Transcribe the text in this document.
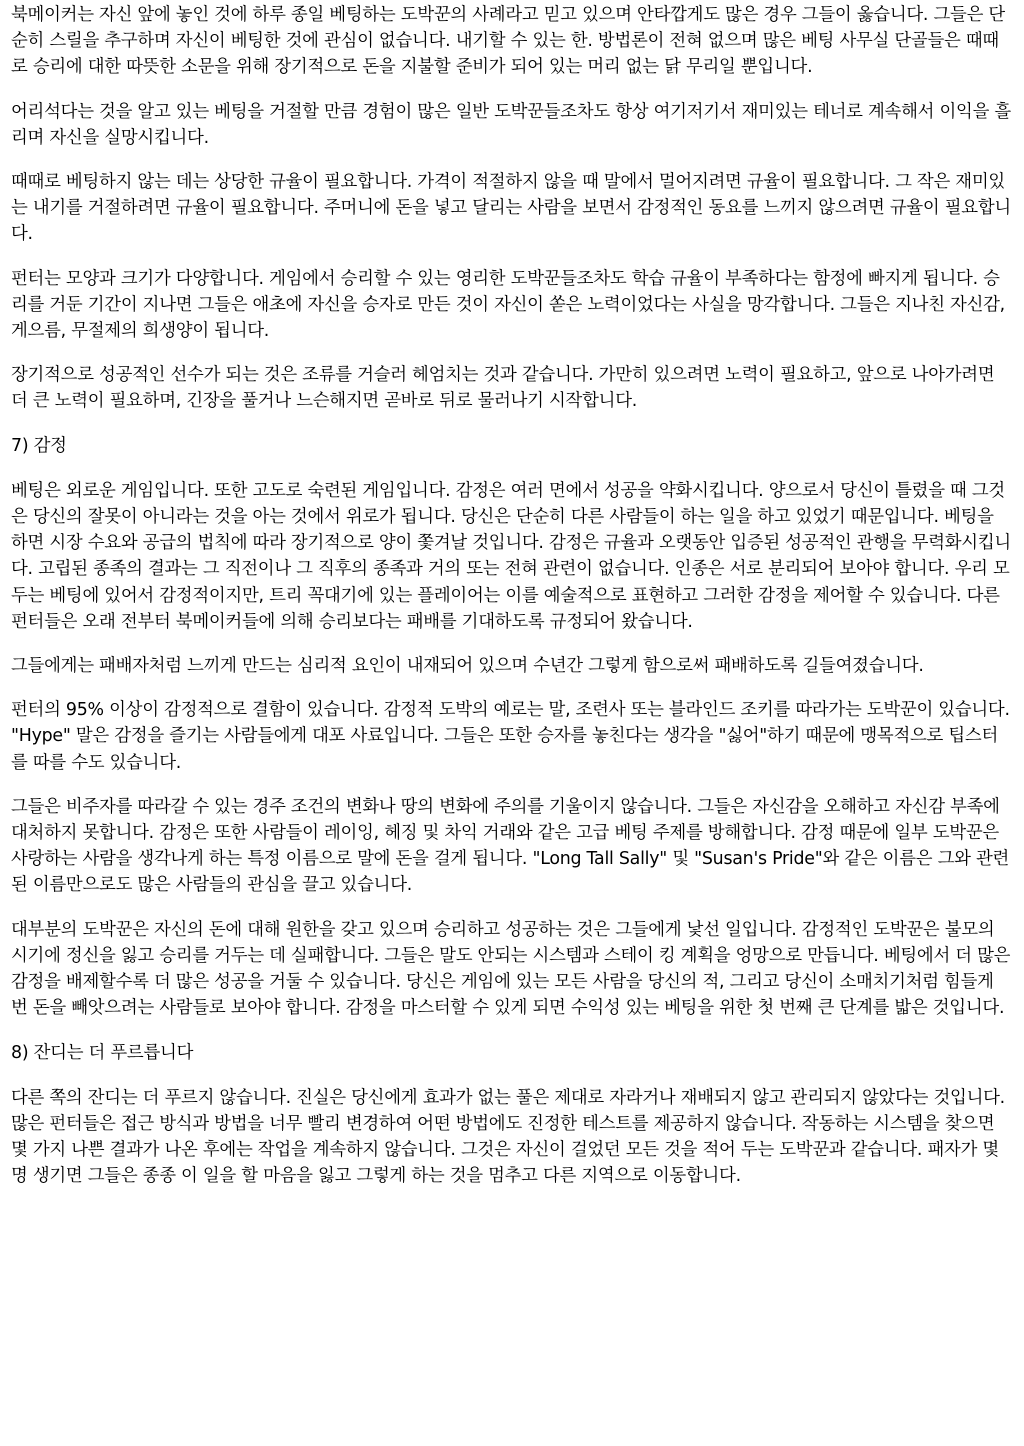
북메이커는 자신 앞에 놓인 것에 하루 종일 베팅하는 도박꾼의 사례라고 믿고 있으며 안타깝게도 많은 경우 그들이 옳습니다. 그들은 단순히 스릴을 추구하며 자신이 베팅한 것에 관심이 없습니다. 내기할 수 있는 한. 방법론이 전혀 없으며 많은 베팅 사무실 단골들은 때때로 승리에 대한 따뜻한 소문을 위해 장기적으로 돈을 지불할 준비가 되어 있는 머리 없는 닭 무리일 뿐입니다.

어리석다는 것을 알고 있는 베팅을 거절할 만큼 경험이 많은 일반 도박꾼들조차도 항상 여기저기서 재미있는 테너로 계속해서 이익을 흘리며 자신을 실망시킵니다.

때때로 베팅하지 않는 데는 상당한 규율이 필요합니다. 가격이 적절하지 않을 때 말에서 멀어지려면 규율이 필요합니다. 그 작은 재미있는 내기를 거절하려면 규율이 필요합니다. 주머니에 돈을 넣고 달리는 사람을 보면서 감정적인 동요를 느끼지 않으려면 규율이 필요합니다.

펀터는 모양과 크기가 다양합니다. 게임에서 승리할 수 있는 영리한 도박꾼들조차도 학습 규율이 부족하다는 함정에 빠지게 됩니다. 승리를 거둔 기간이 지나면 그들은 애초에 자신을 승자로 만든 것이 자신이 쏟은 노력이었다는 사실을 망각합니다. 그들은 지나친 자신감, 게으름, 무절제의 희생양이 됩니다.

장기적으로 성공적인 선수가 되는 것은 조류를 거슬러 헤엄치는 것과 같습니다. 가만히 있으려면 노력이 필요하고, 앞으로 나아가려면 더 큰 노력이 필요하며, 긴장을 풀거나 느슨해지면 곧바로 뒤로 물러나기 시작합니다.

7) 감정

베팅은 외로운 게임입니다. 또한 고도로 숙련된 게임입니다. 감정은 여러 면에서 성공을 약화시킵니다. 양으로서 당신이 틀렸을 때 그것은 당신의 잘못이 아니라는 것을 아는 것에서 위로가 됩니다. 당신은 단순히 다른 사람들이 하는 일을 하고 있었기 때문입니다. 베팅을 하면 시장 수요와 공급의 법칙에 따라 장기적으로 양이 쫓겨날 것입니다. 감정은 규율과 오랫동안 입증된 성공적인 관행을 무력화시킵니다. 고립된 종족의 결과는 그 직전이나 그 직후의 종족과 거의 또는 전혀 관련이 없습니다. 인종은 서로 분리되어 보아야 합니다. 우리 모두는 베팅에 있어서 감정적이지만, 트리 꼭대기에 있는 플레이어는 이를 예술적으로 표현하고 그러한 감정을 제어할 수 있습니다. 다른 펀터들은 오래 전부터 북메이커들에 의해 승리보다는 패배를 기대하도록 규정되어 왔습니다.

그들에게는 패배자처럼 느끼게 만드는 심리적 요인이 내재되어 있으며 수년간 그렇게 함으로써 패배하도록 길들여졌습니다.

펀터의 95% 이상이 감정적으로 결함이 있습니다. 감정적 도박의 예로는 말, 조련사 또는 블라인드 조키를 따라가는 도박꾼이 있습니다. "Hype" 말은 감정을 즐기는 사람들에게 대포 사료입니다. 그들은 또한 승자를 놓친다는 생각을 "싫어"하기 때문에 맹목적으로 팁스터를 따를 수도 있습니다.

그들은 비주자를 따라갈 수 있는 경주 조건의 변화나 땅의 변화에 주의를 기울이지 않습니다. 그들은 자신감을 오해하고 자신감 부족에 대처하지 못합니다. 감정은 또한 사람들이 레이잉, 헤징 및 차익 거래와 같은 고급 베팅 주제를 방해합니다. 감정 때문에 일부 도박꾼은 사랑하는 사람을 생각나게 하는 특정 이름으로 말에 돈을 걸게 됩니다. "Long Tall Sally" 및 "Susan's Pride"와 같은 이름은 그와 관련된 이름만으로도 많은 사람들의 관심을 끌고 있습니다.

대부분의 도박꾼은 자신의 돈에 대해 원한을 갖고 있으며 승리하고 성공하는 것은 그들에게 낯선 일입니다. 감정적인 도박꾼은 불모의 시기에 정신을 잃고 승리를 거두는 데 실패합니다. 그들은 말도 안되는 시스템과 스테이 킹 계획을 엉망으로 만듭니다. 베팅에서 더 많은 감정을 배제할수록 더 많은 성공을 거둘 수 있습니다. 당신은 게임에 있는 모든 사람을 당신의 적, 그리고 당신이 소매치기처럼 힘들게 번 돈을 빼앗으려는 사람들로 보아야 합니다. 감정을 마스터할 수 있게 되면 수익성 있는 베팅을 위한 첫 번째 큰 단계를 밟은 것입니다.

8) 잔디는 더 푸르릅니다

다른 쪽의 잔디는 더 푸르지 않습니다. 진실은 당신에게 효과가 없는 풀은 제대로 자라거나 재배되지 않고 관리되지 않았다는 것입니다. 많은 펀터들은 접근 방식과 방법을 너무 빨리 변경하여 어떤 방법에도 진정한 테스트를 제공하지 않습니다. 작동하는 시스템을 찾으면 몇 가지 나쁜 결과가 나온 후에는 작업을 계속하지 않습니다. 그것은 자신이 걸었던 모든 것을 적어 두는 도박꾼과 같습니다. 패자가 몇 명 생기면 그들은 종종 이 일을 할 마음을 잃고 그렇게 하는 것을 멈추고 다른 지역으로 이동합니다.
